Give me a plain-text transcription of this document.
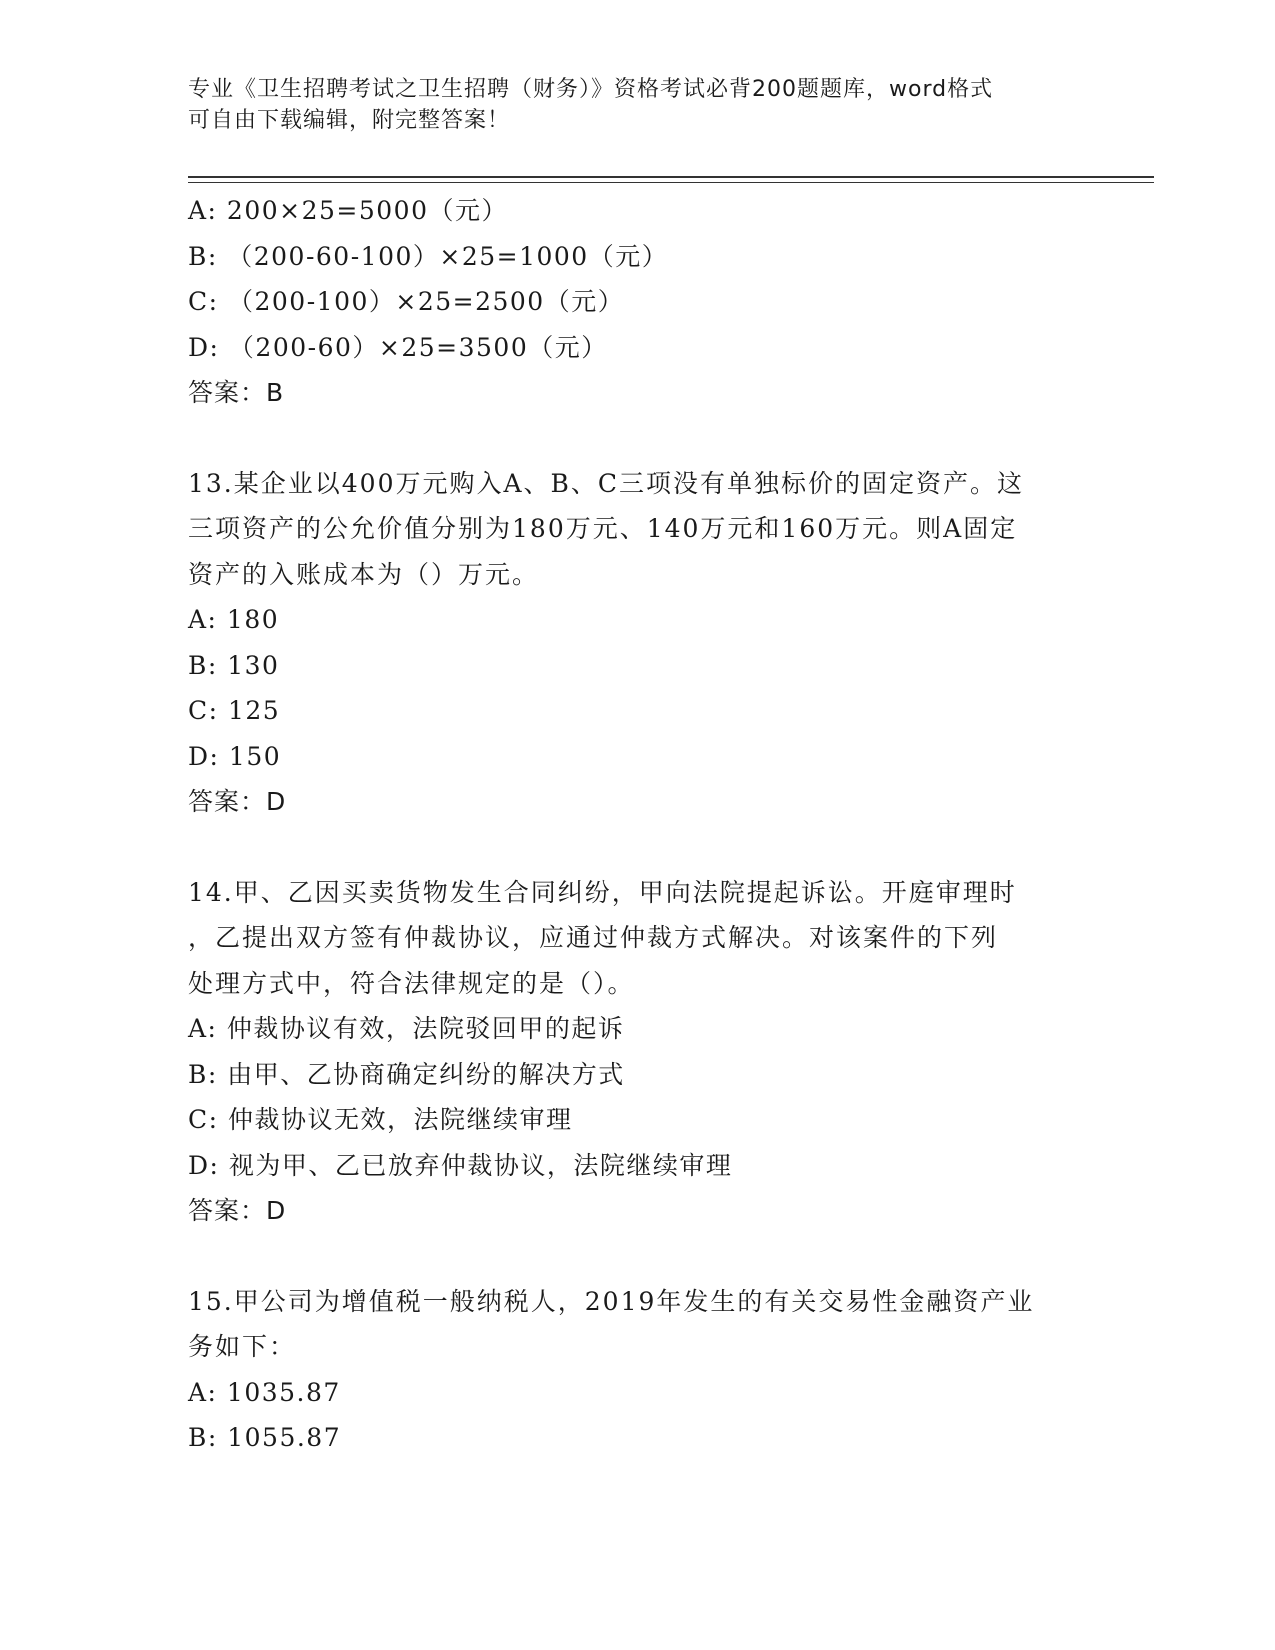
专业《卫生招聘考试之卫生招聘（财务）》资格考试必背200题题库，word格式
可自由下载编辑，附完整答案！
A: 200×25=5000（元）
B: （200-60-100）×25=1000（元）
C: （200-100）×25=2500（元）
D: （200-60）×25=3500（元）
答案：B
13.某企业以400万元购入A、B、C三项没有单独标价的固定资产。这
三项资产的公允价值分别为180万元、140万元和160万元。则A固定
资产的入账成本为（）万元。
A: 180
B: 130
C: 125
D: 150
答案：D
14.甲、乙因买卖货物发生合同纠纷，甲向法院提起诉讼。开庭审理时
，乙提出双方签有仲裁协议，应通过仲裁方式解决。对该案件的下列
处理方式中，符合法律规定的是（）。
A: 仲裁协议有效，法院驳回甲的起诉
B: 由甲、乙协商确定纠纷的解决方式
C: 仲裁协议无效，法院继续审理
D: 视为甲、乙已放弃仲裁协议，法院继续审理
答案：D
15.甲公司为增值税一般纳税人，2019年发生的有关交易性金融资产业
务如下：
A: 1035.87
B: 1055.87
